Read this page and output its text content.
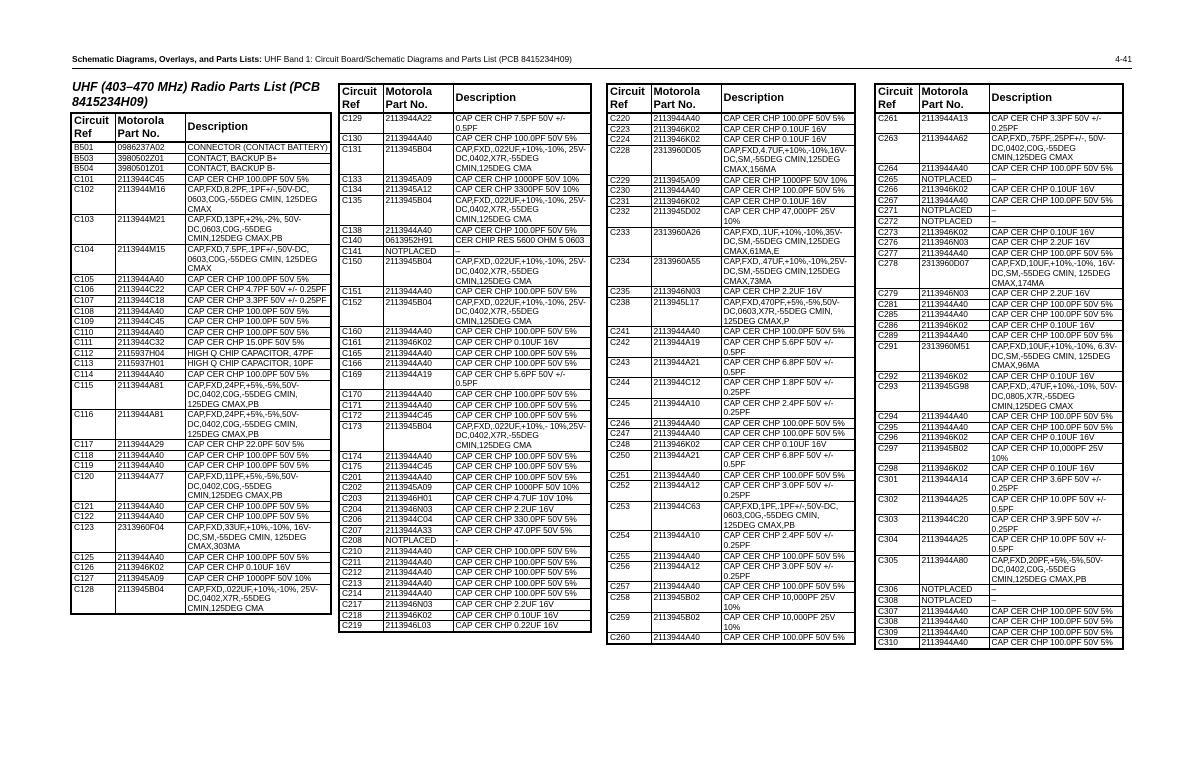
Schematic Diagrams, Overlays, and Parts Lists: UHF Band 1: Circuit Board/Schematic Diagrams and Parts List (PCB 8415234H09)	4-41
UHF (403–470 MHz) Radio Parts List (PCB 8415234H09)
Circuit Ref	Motorola Part No.	Description
B501	0986237A02	CONNECTOR (CONTACT BATTERY)
B503	3980502Z01	CONTACT, BACKUP B+
B504	3980501Z01	CONTACT, BACKUP B-
C101	2113944C45	CAP CER CHP 100.0PF 50V 5%
C102	2113944M16	CAP,FXD,8.2PF,.1PF+/-,50V-DC, 0603,C0G,-55DEG CMIN, 125DEG CMAX
C103	2113944M21	CAP,FXD,13PF,+2%,-2%, 50V-DC,0603,C0G,-55DEG CMIN,125DEG CMAX,PB
C104	2113944M15	CAP,FXD,7.5PF,.1PF+/-,50V-DC, 0603,C0G,-55DEG CMIN, 125DEG CMAX
C105	2113944A40	CAP CER CHP 100.0PF 50V 5%
C106	2113944C22	CAP CER CHP 4.7PF 50V +/- 0.25PF
C107	2113944C18	CAP CER CHP 3.3PF 50V +/- 0.25PF
C108	2113944A40	CAP CER CHP 100.0PF 50V 5%
C109	2113944C45	CAP CER CHP 100.0PF 50V 5%
C110	2113944A40	CAP CER CHP 100.0PF 50V 5%
C111	2113944C32	CAP CER CHP 15.0PF 50V 5%
C112	2115937H04	HIGH Q CHIP CAPACITOR, 47PF
C113	2115937H01	HIGH Q CHIP CAPACITOR, 10PF
C114	2113944A40	CAP CER CHP 100.0PF 50V 5%
C115	2113944A81	CAP,FXD,24PF,+5%,-5%,50V- DC,0402,C0G,-55DEG CMIN, 125DEG CMAX,PB
C116	2113944A81	CAP,FXD,24PF,+5%,-5%,50V- DC,0402,C0G,-55DEG CMIN, 125DEG CMAX,PB
C117	2113944A29	CAP CER CHP 22.0PF 50V 5%
C118	2113944A40	CAP CER CHP 100.0PF 50V 5%
C119	2113944A40	CAP CER CHP 100.0PF 50V 5%
C120	2113944A77	CAP,FXD,11PF,+5%,-5%,50V- DC,0402,C0G,-55DEG CMIN,125DEG CMAX,PB
C121	2113944A40	CAP CER CHP 100.0PF 50V 5%
C122	2113944A40	CAP CER CHP 100.0PF 50V 5%
C123	2313960F04	CAP,FXD,33UF,+10%,-10%, 16V-DC,SM,-55DEG CMIN, 125DEG CMAX,303MA
C125	2113944A40	CAP CER CHP 100.0PF 50V 5%
C126	2113946K02	CAP CER CHP 0.10UF 16V
C127	2113945A09	CAP CER CHP 1000PF 50V 10%
C128	2113945B04	CAP,FXD,.022UF,+10%,-10%, 25V-DC,0402,X7R,-55DEG CMIN,125DEG CMA
Circuit Ref	Motorola Part No.	Description
C129	2113944A22	CAP CER CHP 7.5PF 50V +/- 0.5PF
C130	2113944A40	CAP CER CHP 100.0PF 50V 5%
C131	2113945B04	CAP,FXD,.022UF,+10%,-10%, 25V-DC,0402,X7R,-55DEG CMIN,125DEG CMA
C133	2113945A09	CAP CER CHP 1000PF 50V 10%
C134	2113945A12	CAP CER CHP 3300PF 50V 10%
C135	2113945B04	CAP,FXD,.022UF,+10%,-10%, 25V-DC,0402,X7R,-55DEG CMIN,125DEG CMA
C138	2113944A40	CAP CER CHP 100.0PF 50V 5%
C140	0613952H91	CER CHIP RES 5600 OHM 5 0603
C141	NOTPLACED	–
C150	2113945B04	CAP,FXD,.022UF,+10%,-10%, 25V-DC,0402,X7R,-55DEG CMIN,125DEG CMA
C151	2113944A40	CAP CER CHP 100.0PF 50V 5%
C152	2113945B04	CAP,FXD,.022UF,+10%,-10%, 25V-DC,0402,X7R,-55DEG CMIN,125DEG CMA
C160	2113944A40	CAP CER CHP 100.0PF 50V 5%
C161	2113946K02	CAP CER CHP 0.10UF 16V
C165	2113944A40	CAP CER CHP 100.0PF 50V 5%
C166	2113944A40	CAP CER CHP 100.0PF 50V 5%
C169	2113944A19	CAP CER CHP 5.6PF 50V +/- 0.5PF
C170	2113944A40	CAP CER CHP 100.0PF 50V 5%
C171	2113944A40	CAP CER CHP 100.0PF 50V 5%
C172	2113944C45	CAP CER CHP 100.0PF 50V 5%
C173	2113945B04	CAP,FXD,.022UF,+10%,- 10%,25V-DC,0402,X7R,-55DEG CMIN,125DEG CMA
C174	2113944A40	CAP CER CHP 100.0PF 50V 5%
C175	2113944C45	CAP CER CHP 100.0PF 50V 5%
C201	2113944A40	CAP CER CHP 100.0PF 50V 5%
C202	2113945A09	CAP CER CHP 1000PF 50V 10%
C203	2113946H01	CAP CER CHP 4.7UF 10V 10%
C204	2113946N03	CAP CER CHP 2.2UF 16V
C206	2113944C04	CAP CER CHP 330.0PF 50V 5%
C207	2113944A33	CAP CER CHP 47.0PF 50V 5%
C208	NOTPLACED	-
C210	2113944A40	CAP CER CHP 100.0PF 50V 5%
C211	2113944A40	CAP CER CHP 100.0PF 50V 5%
C212	2113944A40	CAP CER CHP 100.0PF 50V 5%
C213	2113944A40	CAP CER CHP 100.0PF 50V 5%
C214	2113944A40	CAP CER CHP 100.0PF 50V 5%
C217	2113946N03	CAP CER CHP 2.2UF 16V
C218	2113946K02	CAP CER CHP 0.10UF 16V
C219	2113946L03	CAP CER CHP 0.22UF 16V
Circuit Ref	Motorola Part No.	Description
C220	2113944A40	CAP CER CHP 100.0PF 50V 5%
C223	2113946K02	CAP CER CHP 0.10UF 16V
C224	2113946K02	CAP CER CHP 0.10UF 16V
C228	2313960D05	CAP,FXD,4.7UF,+10%,-10%,16V- DC,SM,-55DEG CMIN,125DEG CMAX,156MA
C229	2113945A09	CAP CER CHP 1000PF 50V 10%
C230	2113944A40	CAP CER CHP 100.0PF 50V 5%
C231	2113946K02	CAP CER CHP 0.10UF 16V
C232	2113945D02	CAP CER CHP 47,000PF 25V 10%
C233	2313960A26	CAP,FXD,.1UF,+10%,-10%,35V- DC,SM,-55DEG CMIN,125DEG CMAX,61MA,E
C234	2313960A55	CAP,FXD,.47UF,+10%,-10%,25V- DC,SM,-55DEG CMIN,125DEG CMAX,73MA
C235	2113946N03	CAP CER CHP 2.2UF 16V
C238	2113945L17	CAP,FXD,470PF,+5%,-5%,50V- DC,0603,X7R,-55DEG CMIN, 125DEG CMAX,P
C241	2113944A40	CAP CER CHP 100.0PF 50V 5%
C242	2113944A19	CAP CER CHP 5.6PF 50V +/- 0.5PF
C243	2113944A21	CAP CER CHP 6.8PF 50V +/- 0.5PF
C244	2113944C12	CAP CER CHP 1.8PF 50V +/- 0.25PF
C245	2113944A10	CAP CER CHP 2.4PF 50V +/- 0.25PF
C246	2113944A40	CAP CER CHP 100.0PF 50V 5%
C247	2113944A40	CAP CER CHP 100.0PF 50V 5%
C248	2113946K02	CAP CER CHP 0.10UF 16V
C250	2113944A21	CAP CER CHP 6.8PF 50V +/- 0.5PF
C251	2113944A40	CAP CER CHP 100.0PF 50V 5%
C252	2113944A12	CAP CER CHP 3.0PF 50V +/- 0.25PF
C253	2113944C63	CAP,FXD,1PF,.1PF+/-,50V-DC, 0603,C0G,-55DEG CMIN, 125DEG CMAX,PB
C254	2113944A10	CAP CER CHP 2.4PF 50V +/- 0.25PF
C255	2113944A40	CAP CER CHP 100.0PF 50V 5%
C256	2113944A12	CAP CER CHP 3.0PF 50V +/- 0.25PF
C257	2113944A40	CAP CER CHP 100.0PF 50V 5%
C258	2113945B02	CAP CER CHP 10,000PF 25V 10%
C259	2113945B02	CAP CER CHP 10,000PF 25V 10%
C260	2113944A40	CAP CER CHP 100.0PF 50V 5%
Circuit Ref	Motorola Part No.	Description
C261	2113944A13	CAP CER CHP 3.3PF 50V +/- 0.25PF
C263	2113944A62	CAP,FXD,.75PF,.25PF+/-, 50V-DC,0402,C0G,-55DEG CMIN,125DEG CMAX
C264	2113944A40	CAP CER CHP 100.0PF 50V 5%
C265	NOTPLACED	–
C266	2113946K02	CAP CER CHP 0.10UF 16V
C267	2113944A40	CAP CER CHP 100.0PF 50V 5%
C271	NOTPLACED	–
C272	NOTPLACED	–
C273	2113946K02	CAP CER CHP 0.10UF 16V
C276	2113946N03	CAP CER CHP 2.2UF 16V
C277	2113944A40	CAP CER CHP 100.0PF 50V 5%
C278	2313960D07	CAP,FXD,10UF,+10%,-10%, 16V-DC,SM,-55DEG CMIN, 125DEG CMAX,174MA
C279	2113946N03	CAP CER CHP 2.2UF 16V
C281	2113944A40	CAP CER CHP 100.0PF 50V 5%
C285	2113944A40	CAP CER CHP 100.0PF 50V 5%
C286	2113946K02	CAP CER CHP 0.10UF 16V
C289	2113944A40	CAP CER CHP 100.0PF 50V 5%
C291	2313960M51	CAP,FXD,10UF,+10%,-10%, 6.3V-DC,SM,-55DEG CMIN, 125DEG CMAX,96MA
C292	2113946K02	CAP CER CHP 0.10UF 16V
C293	2113945G98	CAP,FXD,.47UF,+10%,-10%, 50V-DC,0805,X7R,-55DEG CMIN,125DEG CMAX
C294	2113944A40	CAP CER CHP 100.0PF 50V 5%
C295	2113944A40	CAP CER CHP 100.0PF 50V 5%
C296	2113946K02	CAP CER CHP 0.10UF 16V
C297	2113945B02	CAP CER CHP 10,000PF 25V 10%
C298	2113946K02	CAP CER CHP 0.10UF 16V
C301	2113944A14	CAP CER CHP 3.6PF 50V +/- 0.25PF
C302	2113944A25	CAP CER CHP 10.0PF 50V +/- 0.5PF
C303	2113944C20	CAP CER CHP 3.9PF 50V +/- 0.25PF
C304	2113944A25	CAP CER CHP 10.0PF 50V +/- 0.5PF
C305	2113944A80	CAP,FXD,20PF,+5%,-5%,50V- DC,0402,C0G,-55DEG CMIN,125DEG CMAX,PB
C306	NOTPLACED	–
C308	NOTPLACED	–
C307	2113944A40	CAP CER CHP 100.0PF 50V 5%
C308	2113944A40	CAP CER CHP 100.0PF 50V 5%
C309	2113944A40	CAP CER CHP 100.0PF 50V 5%
C310	2113944A40	CAP CER CHP 100.0PF 50V 5%
